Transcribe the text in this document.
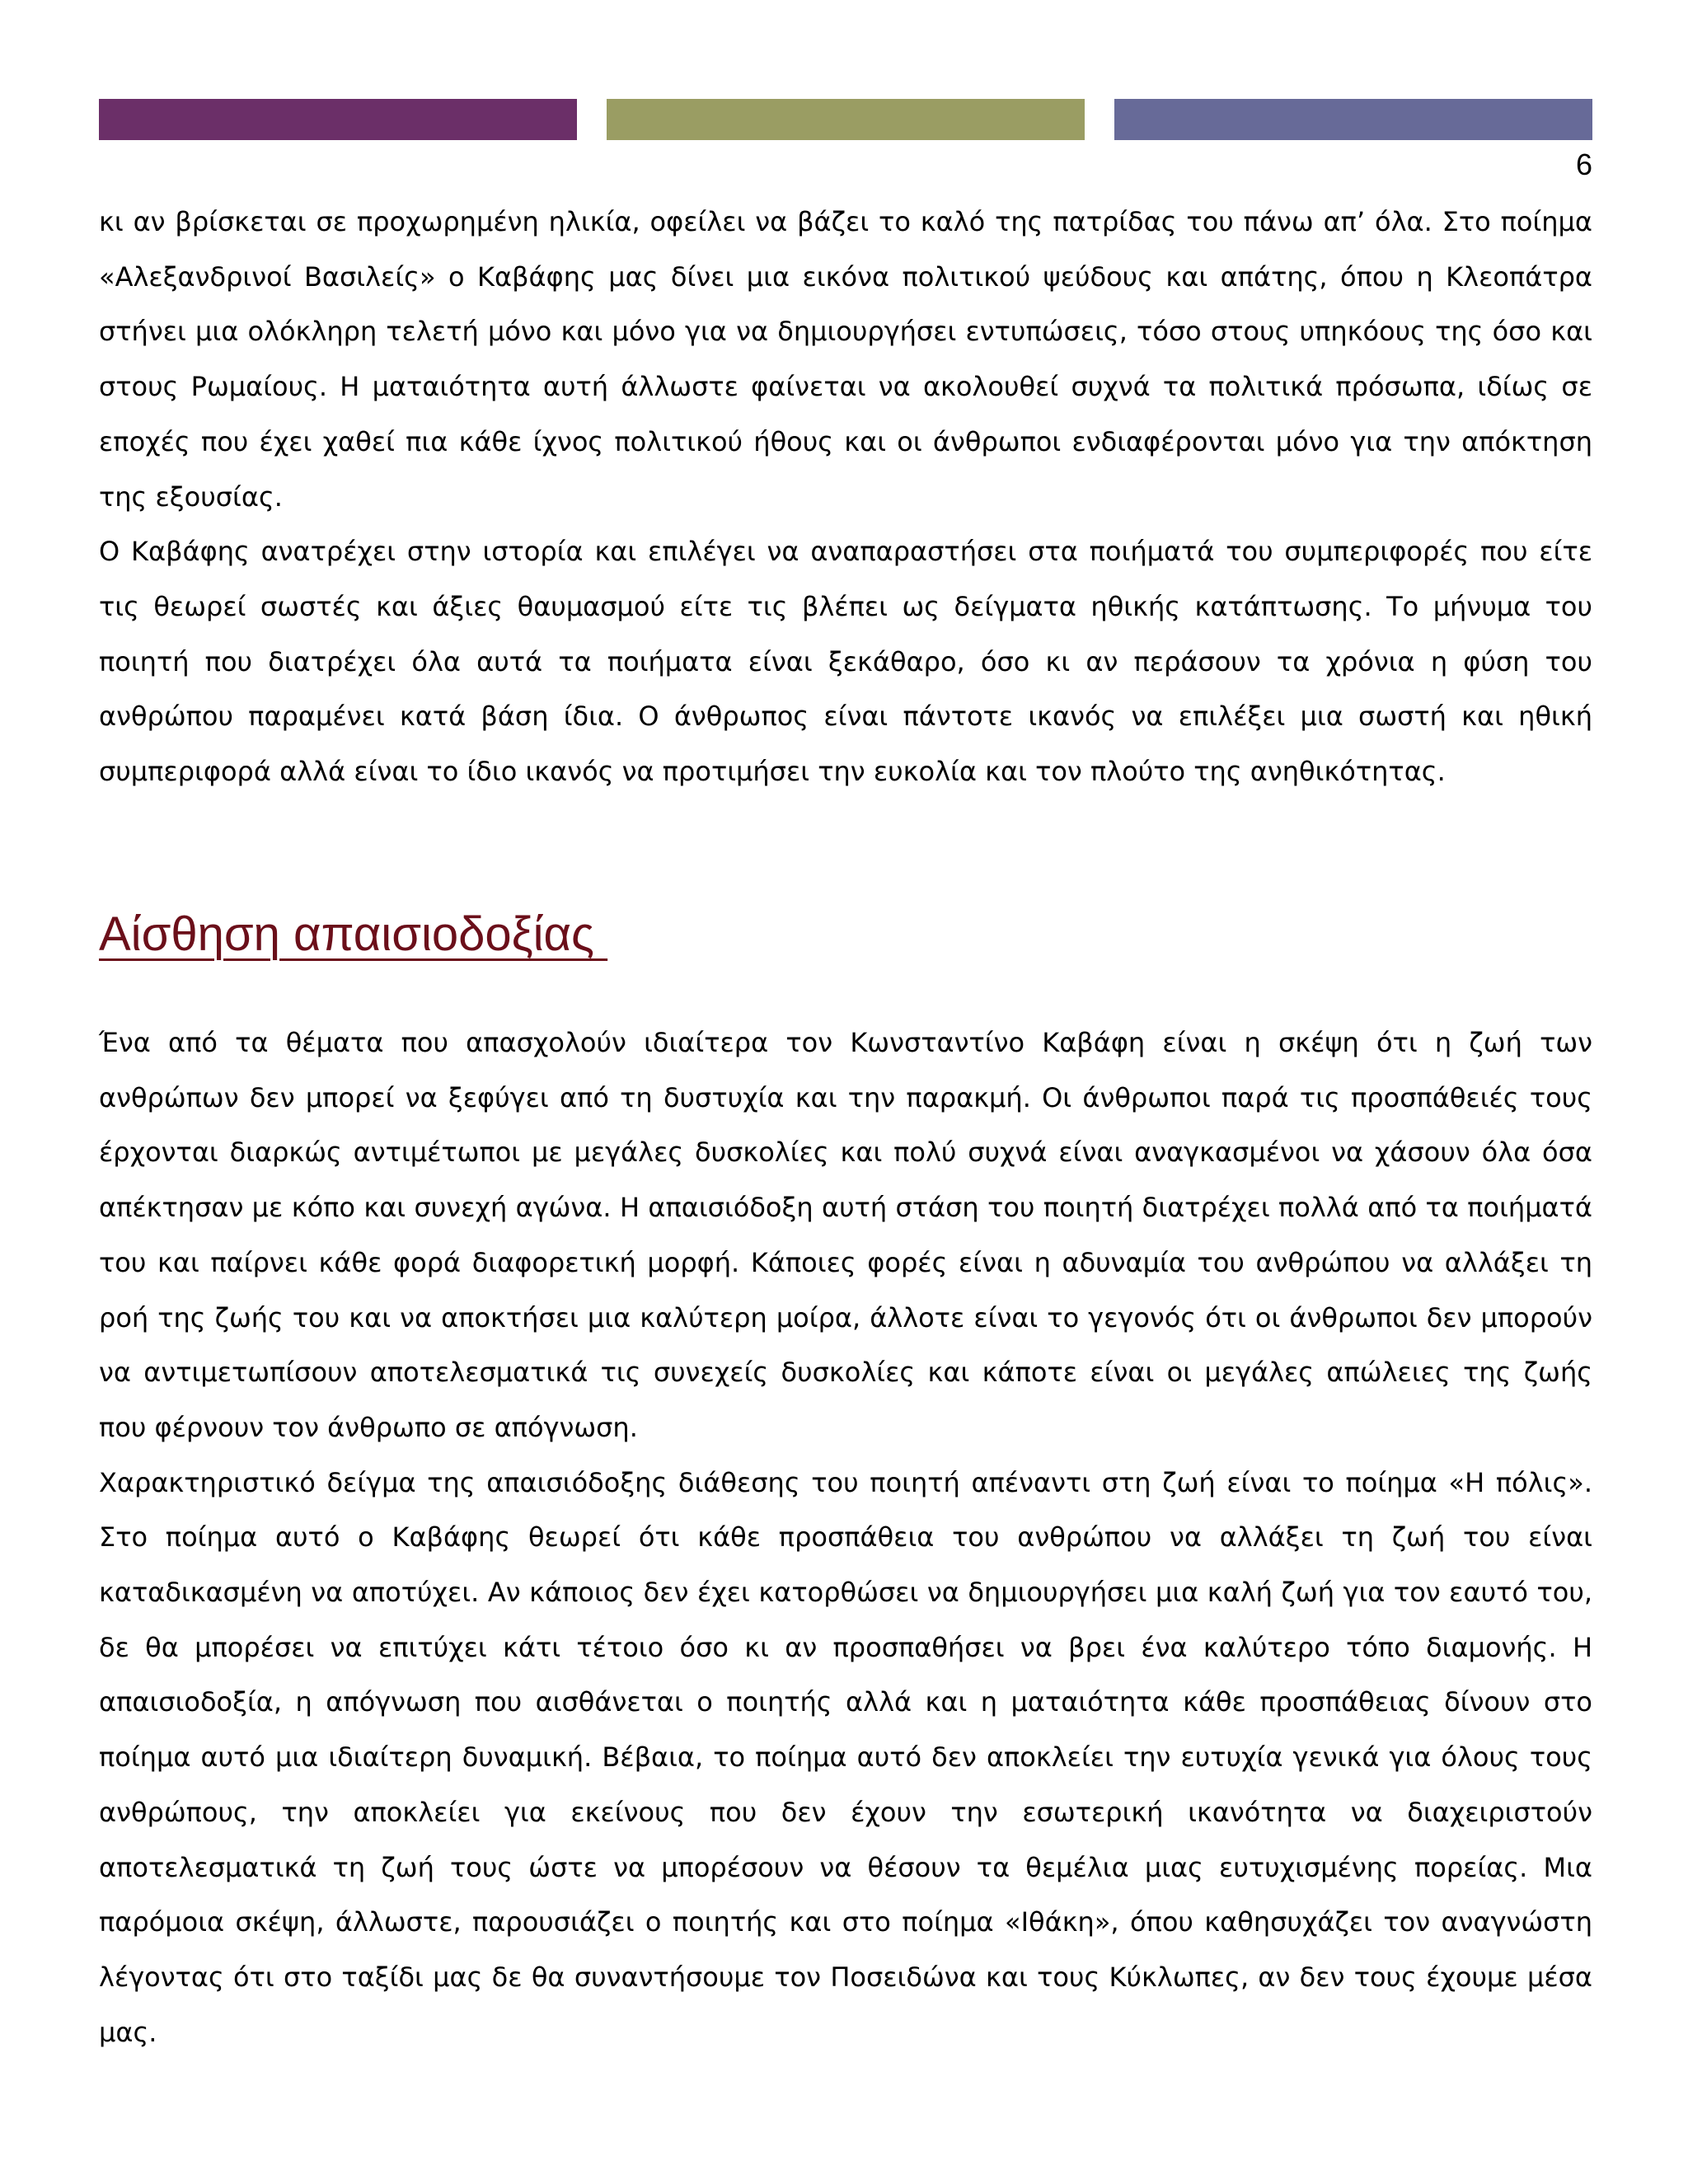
6

κι αν βρίσκεται σε προχωρημένη ηλικία, οφείλει να βάζει το καλό της πατρίδας του πάνω απ’ όλα. Στο ποίημα «Αλεξανδρινοί Βασιλείς» ο Καβάφης μας δίνει μια εικόνα πολιτικού ψεύδους και απάτης, όπου η Κλεοπάτρα στήνει μια ολόκληρη τελετή μόνο και μόνο για να δημιουργήσει εντυπώσεις, τόσο στους υπηκόους της όσο και στους Ρωμαίους. Η ματαιότητα αυτή άλλωστε φαίνεται να ακολουθεί συχνά τα πολιτικά πρόσωπα, ιδίως σε εποχές που έχει χαθεί πια κάθε ίχνος πολιτικού ήθους και οι άνθρωποι ενδιαφέρονται μόνο για την απόκτηση της εξουσίας.

Ο Καβάφης ανατρέχει στην ιστορία και επιλέγει να αναπαραστήσει στα ποιήματά του συμπεριφορές που είτε τις θεωρεί σωστές και άξιες θαυμασμού είτε τις βλέπει ως δείγματα ηθικής κατάπτωσης. Το μήνυμα του ποιητή που διατρέχει όλα αυτά τα ποιήματα είναι ξεκάθαρο, όσο κι αν περάσουν τα χρόνια η φύση του ανθρώπου παραμένει κατά βάση ίδια. Ο άνθρωπος είναι πάντοτε ικανός να επιλέξει μια σωστή και ηθική συμπεριφορά αλλά είναι το ίδιο ικανός να προτιμήσει την ευκολία και τον πλούτο της ανηθικότητας.

Αίσθηση απαισιοδοξίας

Ένα από τα θέματα που απασχολούν ιδιαίτερα τον Κωνσταντίνο Καβάφη είναι η σκέψη ότι η ζωή των ανθρώπων δεν μπορεί να ξεφύγει από τη δυστυχία και την παρακμή. Οι άνθρωποι παρά τις προσπάθειές τους έρχονται διαρκώς αντιμέτωποι με μεγάλες δυσκολίες και πολύ συχνά είναι αναγκασμένοι να χάσουν όλα όσα απέκτησαν με κόπο και συνεχή αγώνα. Η απαισιόδοξη αυτή στάση του ποιητή διατρέχει πολλά από τα ποιήματά του και παίρνει κάθε φορά διαφορετική μορφή. Κάποιες φορές είναι η αδυναμία του ανθρώπου να αλλάξει τη ροή της ζωής του και να αποκτήσει μια καλύτερη μοίρα, άλλοτε είναι το γεγονός ότι οι άνθρωποι δεν μπορούν να αντιμετωπίσουν αποτελεσματικά τις συνεχείς δυσκολίες και κάποτε είναι οι μεγάλες απώλειες της ζωής που φέρνουν τον άνθρωπο σε απόγνωση.

Χαρακτηριστικό δείγμα της απαισιόδοξης διάθεσης του ποιητή απέναντι στη ζωή είναι το ποίημα «Η πόλις». Στο ποίημα αυτό ο Καβάφης θεωρεί ότι κάθε προσπάθεια του ανθρώπου να αλλάξει τη ζωή του είναι καταδικασμένη να αποτύχει. Αν κάποιος δεν έχει κατορθώσει να δημιουργήσει μια καλή ζωή για τον εαυτό του, δε θα μπορέσει να επιτύχει κάτι τέτοιο όσο κι αν προσπαθήσει να βρει ένα καλύτερο τόπο διαμονής. Η απαισιοδοξία, η απόγνωση που αισθάνεται ο ποιητής αλλά και η ματαιότητα κάθε προσπάθειας δίνουν στο ποίημα αυτό μια ιδιαίτερη δυναμική. Βέβαια, το ποίημα αυτό δεν αποκλείει την ευτυχία γενικά για όλους τους ανθρώπους, την αποκλείει για εκείνους που δεν έχουν την εσωτερική ικανότητα να διαχειριστούν αποτελεσματικά τη ζωή τους ώστε να μπορέσουν να θέσουν τα θεμέλια μιας ευτυχισμένης πορείας. Μια παρόμοια σκέψη, άλλωστε, παρουσιάζει ο ποιητής και στο ποίημα «Ιθάκη», όπου καθησυχάζει τον αναγνώστη λέγοντας ότι στο ταξίδι μας δε θα συναντήσουμε τον Ποσειδώνα και τους Κύκλωπες, αν δεν τους έχουμε μέσα μας.
